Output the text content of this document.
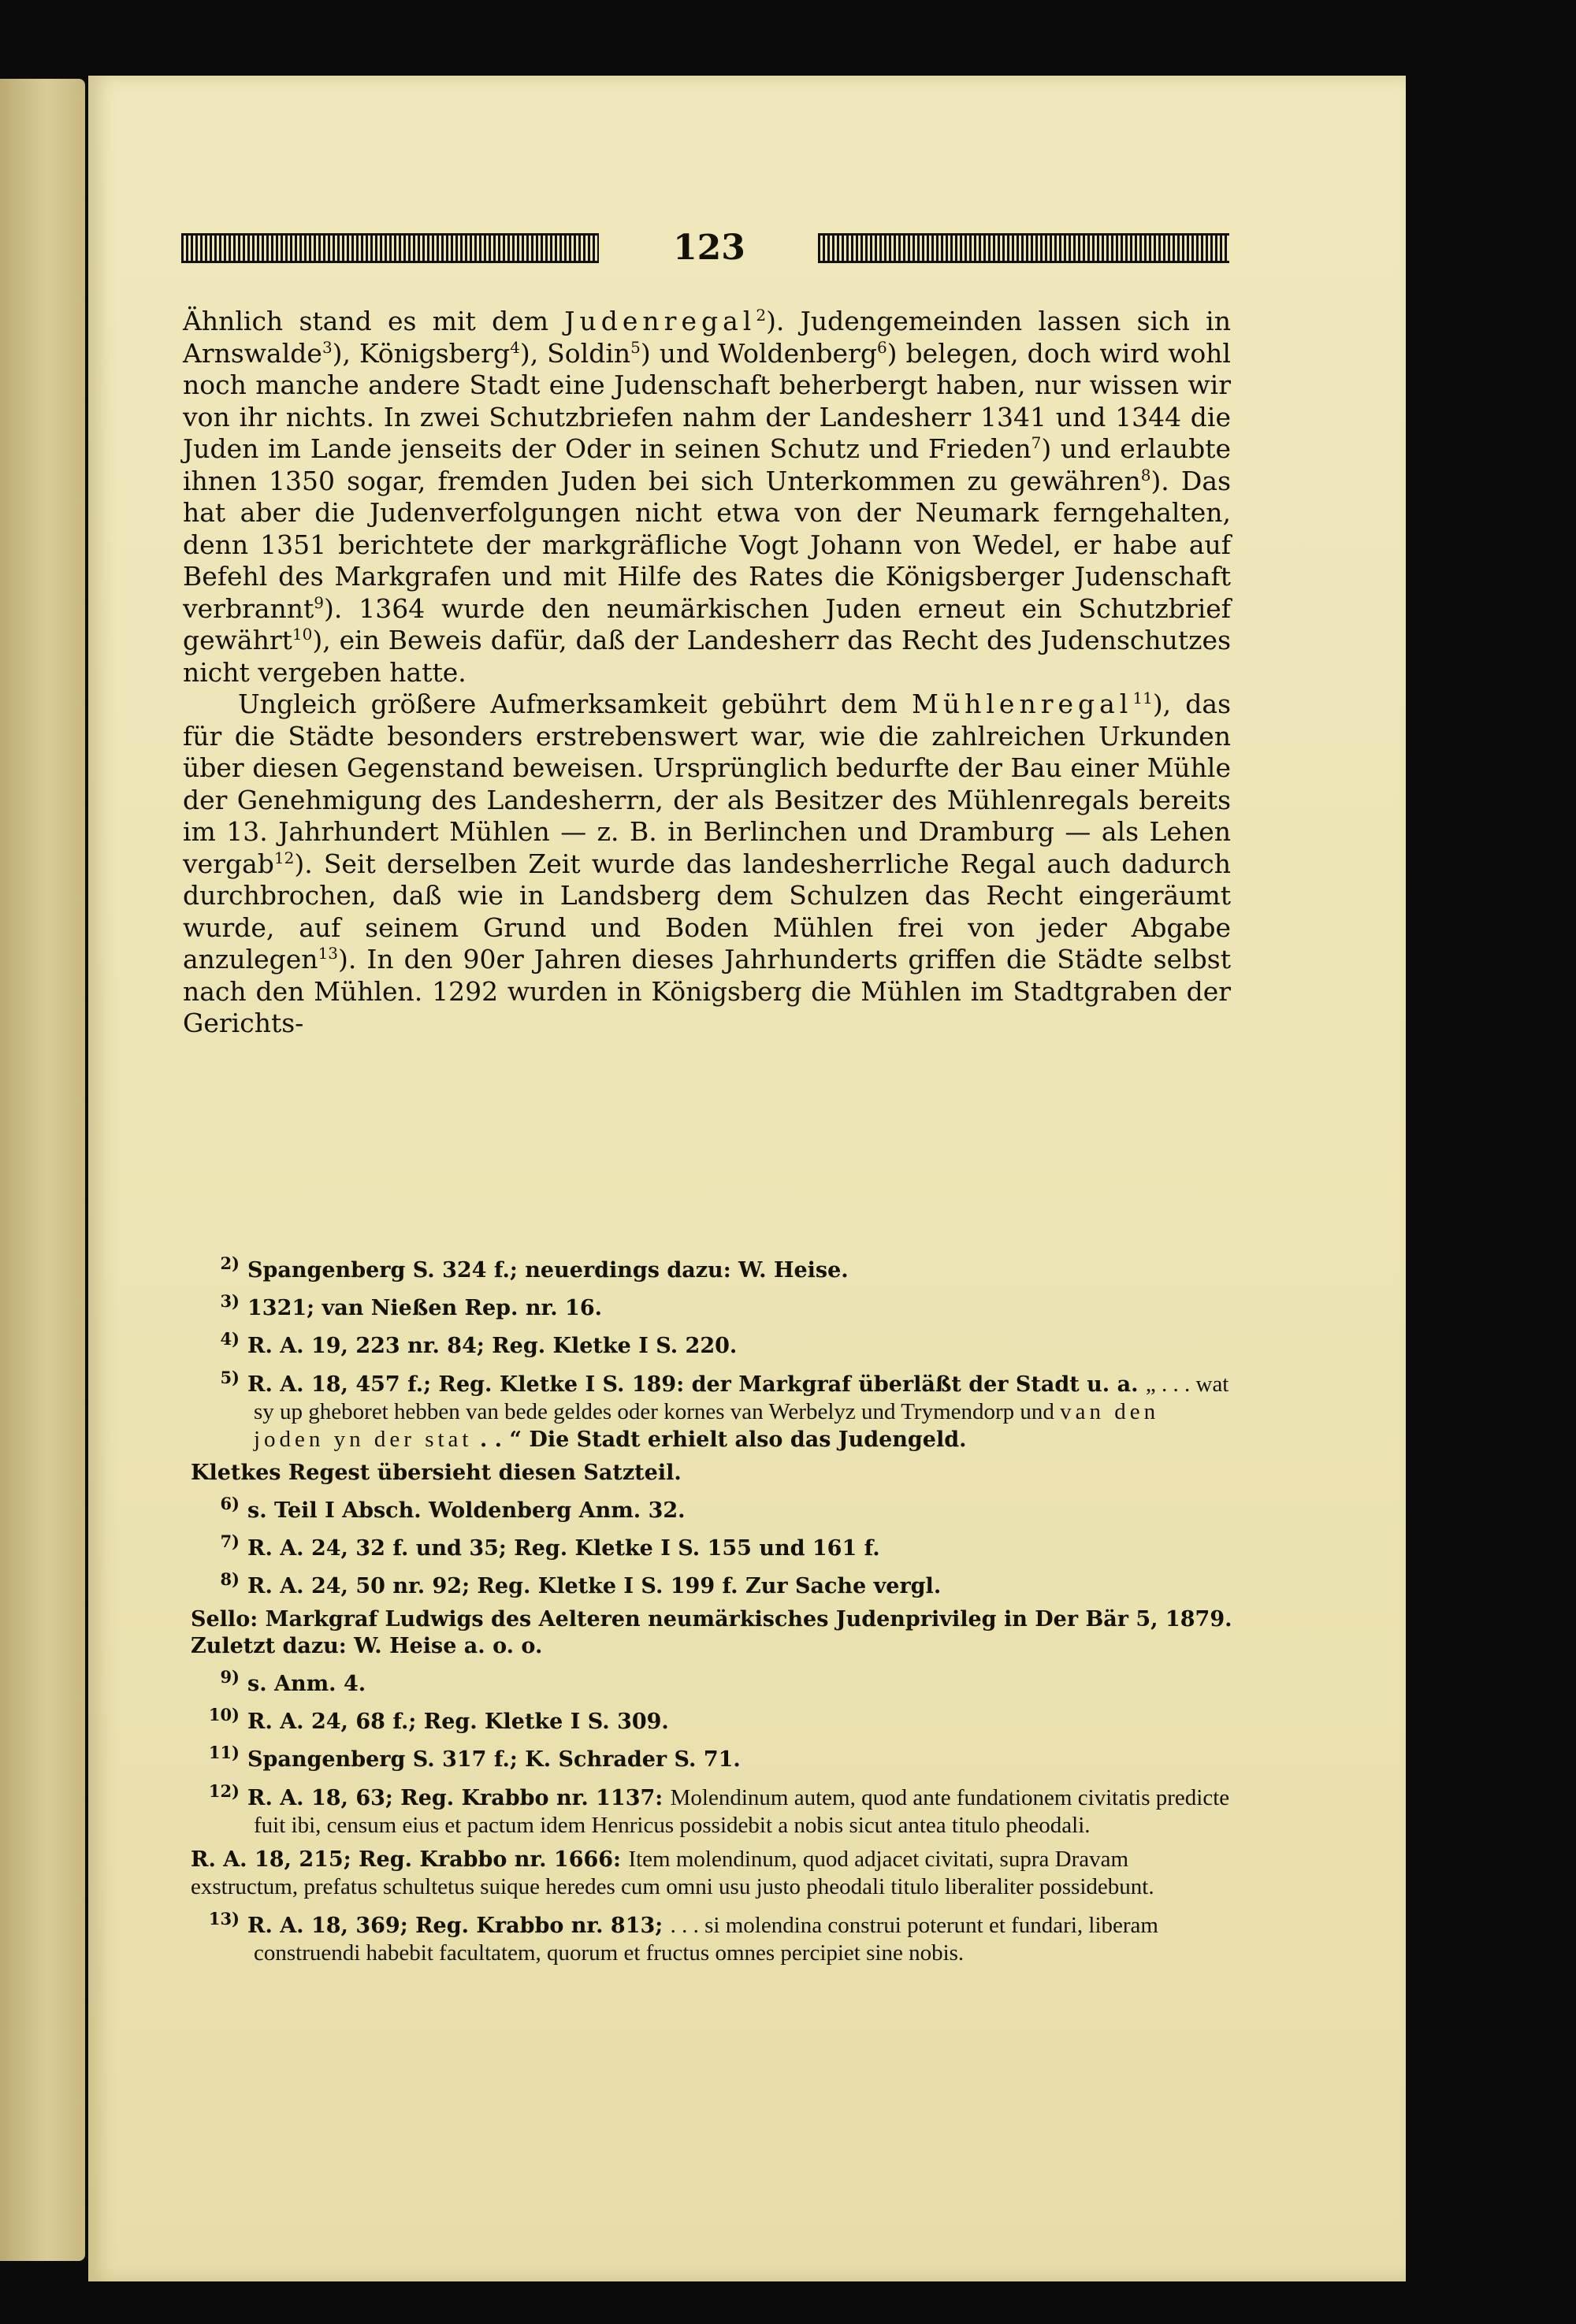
123

Ähnlich stand es mit dem Judenregal$^2$). Judengemeinden lassen sich in Arnswalde$^3$), Königsberg$^4$), Soldin$^5$) und Woldenberg$^6$) belegen, doch wird wohl noch manche andere Stadt eine Judenschaft beherbergt haben, nur wissen wir von ihr nichts. In zwei Schutzbriefen nahm der Landesherr 1341 und 1344 die Juden im Lande jenseits der Oder in seinen Schutz und Frieden$^7$) und erlaubte ihnen 1350 sogar, fremden Juden bei sich Unterkommen zu gewähren$^8$). Das hat aber die Judenverfolgungen nicht etwa von der Neumark ferngehalten, denn 1351 berichtete der markgräfliche Vogt Johann von Wedel, er habe auf Befehl des Markgrafen und mit Hilfe des Rates die Königsberger Judenschaft verbrannt$^9$). 1364 wurde den neumärkischen Juden erneut ein Schutzbrief gewährt$^{10}$), ein Beweis dafür, daß der Landesherr das Recht des Judenschutzes nicht vergeben hatte.

Ungleich größere Aufmerksamkeit gebührt dem Mühlenregal$^{11}$), das für die Städte besonders erstrebenswert war, wie die zahlreichen Urkunden über diesen Gegenstand beweisen. Ursprünglich bedurfte der Bau einer Mühle der Genehmigung des Landesherrn, der als Besitzer des Mühlenregals bereits im 13. Jahrhundert Mühlen — z. B. in Berlinchen und Dramburg — als Lehen vergab$^{12}$). Seit derselben Zeit wurde das landesherrliche Regal auch dadurch durchbrochen, daß wie in Landsberg dem Schulzen das Recht eingeräumt wurde, auf seinem Grund und Boden Mühlen frei von jeder Abgabe anzulegen$^{13}$). In den 90er Jahren dieses Jahrhunderts griffen die Städte selbst nach den Mühlen. 1292 wurden in Königsberg die Mühlen im Stadtgraben der Gerichts-

2) Spangenberg S. 324 f.; neuerdings dazu: W. Heise.
3) 1321; van Nießen Rep. nr. 16.
4) R. A. 19, 223 nr. 84; Reg. Kletke I S. 220.
5) R. A. 18, 457 f.; Reg. Kletke I S. 189: der Markgraf überläßt der Stadt u. a. „ . . . wat sy up gheboret hebben van bede geldes oder kornes van Werbelyz und Trymendorp und van den joden yn der stat . . “ Die Stadt erhielt also das Judengeld.
Kletkes Regest übersieht diesen Satzteil.
6) s. Teil I Absch. Woldenberg Anm. 32.
7) R. A. 24, 32 f. und 35; Reg. Kletke I S. 155 und 161 f.
8) R. A. 24, 50 nr. 92; Reg. Kletke I S. 199 f. Zur Sache vergl.
Sello: Markgraf Ludwigs des Aelteren neumärkisches Judenprivileg in Der Bär 5, 1879. Zuletzt dazu: W. Heise a. o. o.
9) s. Anm. 4.
10) R. A. 24, 68 f.; Reg. Kletke I S. 309.
11) Spangenberg S. 317 f.; K. Schrader S. 71.
12) R. A. 18, 63; Reg. Krabbo nr. 1137: Molendinum autem, quod ante fundationem civitatis predicte fuit ibi, censum eius et pactum idem Henricus possidebit a nobis sicut antea titulo pheodali.
R. A. 18, 215; Reg. Krabbo nr. 1666: Item molendinum, quod adjacet civitati, supra Dravam exstructum, prefatus schultetus suique heredes cum omni usu justo pheodali titulo liberaliter possidebunt.
13) R. A. 18, 369; Reg. Krabbo nr. 813; . . . si molendina construi poterunt et fundari, liberam construendi habebit facultatem, quorum et fructus omnes percipiet sine nobis.
